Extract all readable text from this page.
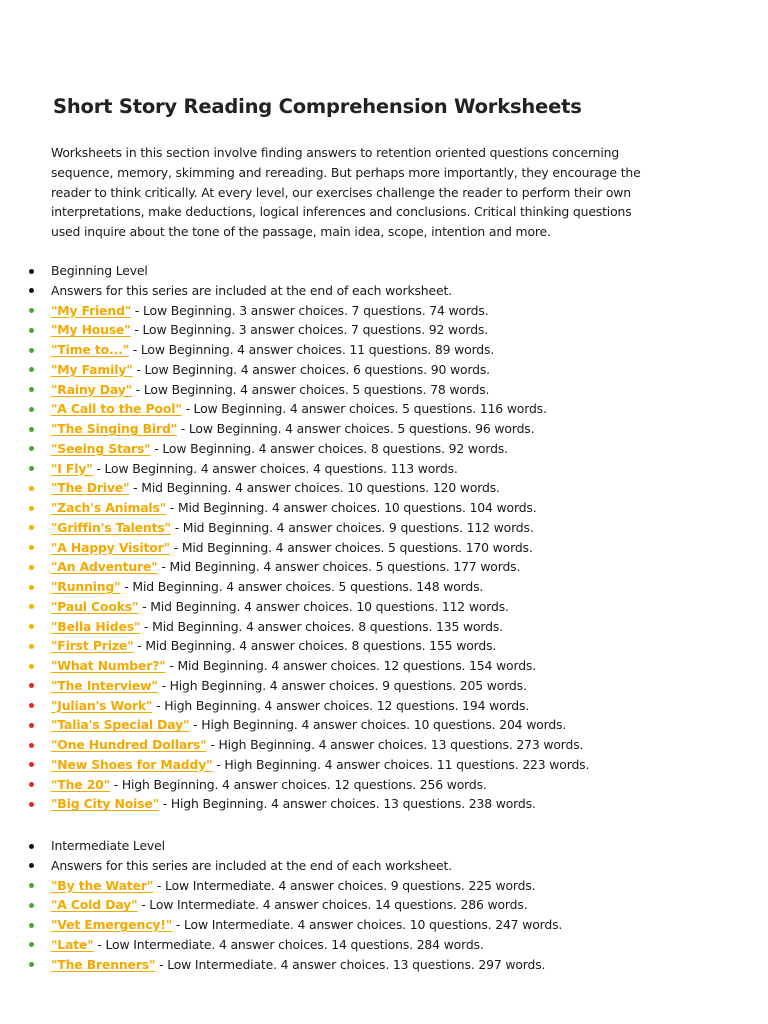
Short Story Reading Comprehension Worksheets
Worksheets in this section involve finding answers to retention oriented questions concerning
sequence, memory, skimming and rereading. But perhaps more importantly, they encourage the
reader to think critically. At every level, our exercises challenge the reader to perform their own
interpretations, make deductions, logical inferences and conclusions. Critical thinking questions
used inquire about the tone of the passage, main idea, scope, intention and more.
Beginning Level
Answers for this series are included at the end of each worksheet.
"My Friend" - Low Beginning. 3 answer choices. 7 questions. 74 words.
"My House" - Low Beginning. 3 answer choices. 7 questions. 92 words.
"Time to..." - Low Beginning. 4 answer choices. 11 questions. 89 words.
"My Family" - Low Beginning. 4 answer choices. 6 questions. 90 words.
"Rainy Day" - Low Beginning. 4 answer choices. 5 questions. 78 words.
"A Call to the Pool" - Low Beginning. 4 answer choices. 5 questions. 116 words.
"The Singing Bird" - Low Beginning. 4 answer choices. 5 questions. 96 words.
"Seeing Stars" - Low Beginning. 4 answer choices. 8 questions. 92 words.
"I Fly" - Low Beginning. 4 answer choices. 4 questions. 113 words.
"The Drive" - Mid Beginning. 4 answer choices. 10 questions. 120 words.
"Zach's Animals" - Mid Beginning. 4 answer choices. 10 questions. 104 words.
"Griffin's Talents" - Mid Beginning. 4 answer choices. 9 questions. 112 words.
"A Happy Visitor" - Mid Beginning. 4 answer choices. 5 questions. 170 words.
"An Adventure" - Mid Beginning. 4 answer choices. 5 questions. 177 words.
"Running" - Mid Beginning. 4 answer choices. 5 questions. 148 words.
"Paul Cooks" - Mid Beginning. 4 answer choices. 10 questions. 112 words.
"Bella Hides" - Mid Beginning. 4 answer choices. 8 questions. 135 words.
"First Prize" - Mid Beginning. 4 answer choices. 8 questions. 155 words.
"What Number?" - Mid Beginning. 4 answer choices. 12 questions. 154 words.
"The Interview" - High Beginning. 4 answer choices. 9 questions. 205 words.
"Julian's Work" - High Beginning. 4 answer choices. 12 questions. 194 words.
"Talia's Special Day" - High Beginning. 4 answer choices. 10 questions. 204 words.
"One Hundred Dollars" - High Beginning. 4 answer choices. 13 questions. 273 words.
"New Shoes for Maddy" - High Beginning. 4 answer choices. 11 questions. 223 words.
"The 20" - High Beginning. 4 answer choices. 12 questions. 256 words.
"Big City Noise" - High Beginning. 4 answer choices. 13 questions. 238 words.
Intermediate Level
Answers for this series are included at the end of each worksheet.
"By the Water" - Low Intermediate. 4 answer choices. 9 questions. 225 words.
"A Cold Day" - Low Intermediate. 4 answer choices. 14 questions. 286 words.
"Vet Emergency!" - Low Intermediate. 4 answer choices. 10 questions. 247 words.
"Late" - Low Intermediate. 4 answer choices. 14 questions. 284 words.
"The Brenners" - Low Intermediate. 4 answer choices. 13 questions. 297 words.
